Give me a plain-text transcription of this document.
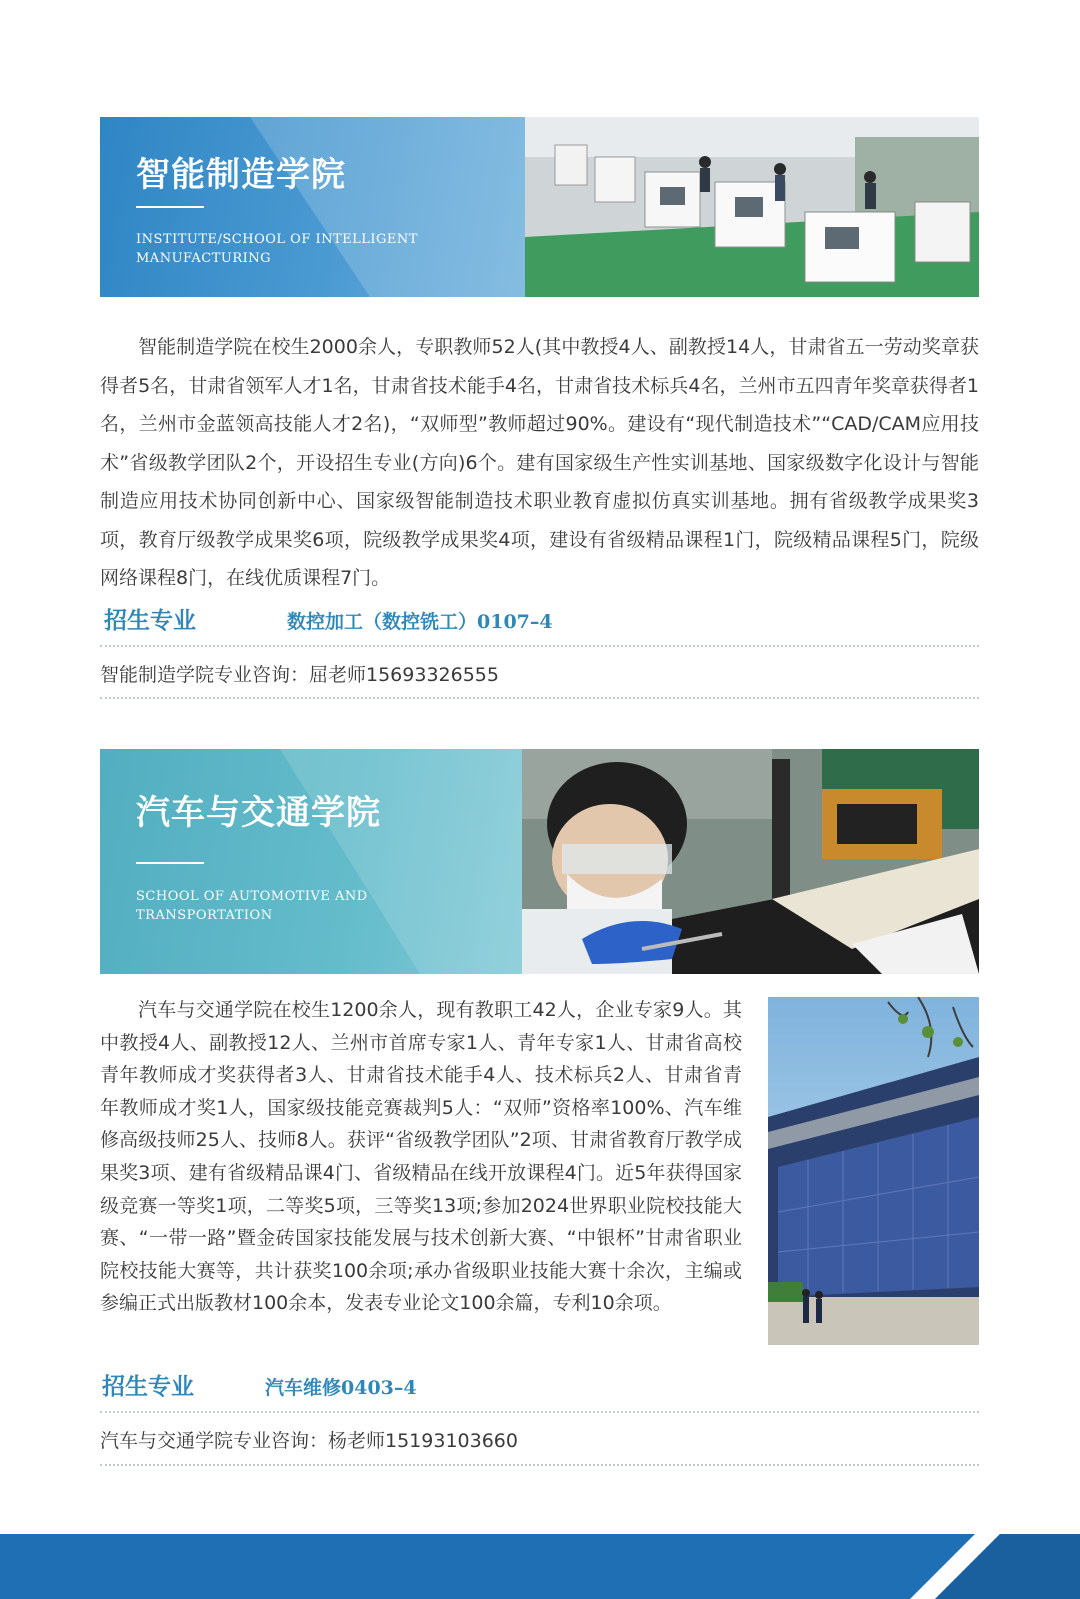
智能制造学院

INSTITUTE/SCHOOL OF INTELLIGENT MANUFACTURING

智能制造学院在校生2000余人，专职教师52人(其中教授4人、副教授14人，甘肃省五一劳动奖章获得者5名，甘肃省领军人才1名，甘肃省技术能手4名，甘肃省技术标兵4名，兰州市五四青年奖章获得者1名，兰州市金蓝领高技能人才2名)，“双师型”教师超过90%。建设有“现代制造技术”“CAD/CAM应用技术”省级教学团队2个，开设招生专业(方向)6个。建有国家级生产性实训基地、国家级数字化设计与智能制造应用技术协同创新中心、国家级智能制造技术职业教育虚拟仿真实训基地。拥有省级教学成果奖3项，教育厅级教学成果奖6项，院级教学成果奖4项，建设有省级精品课程1门，院级精品课程5门，院级网络课程8门，在线优质课程7门。

招生专业	数控加工（数控铣工）0107–4

智能制造学院专业咨询：屈老师15693326555

汽车与交通学院

SCHOOL OF AUTOMOTIVE AND TRANSPORTATION

汽车与交通学院在校生1200余人，现有教职工42人，企业专家9人。其中教授4人、副教授12人、兰州市首席专家1人、青年专家1人、甘肃省高校青年教师成才奖获得者3人、甘肃省技术能手4人、技术标兵2人、甘肃省青年教师成才奖1人，国家级技能竞赛裁判5人：“双师”资格率100%、汽车维修高级技师25人、技师8人。获评“省级教学团队”2项、甘肃省教育厅教学成果奖3项、建有省级精品课4门、省级精品在线开放课程4门。近5年获得国家级竞赛一等奖1项，二等奖5项，三等奖13项;参加2024世界职业院校技能大赛、“一带一路”暨金砖国家技能发展与技术创新大赛、“中银杯”甘肃省职业院校技能大赛等，共计获奖100余项;承办省级职业技能大赛十余次，主编或参编正式出版教材100余本，发表专业论文100余篇，专利10余项。

招生专业	汽车维修0403–4

汽车与交通学院专业咨询：杨老师15193103660
